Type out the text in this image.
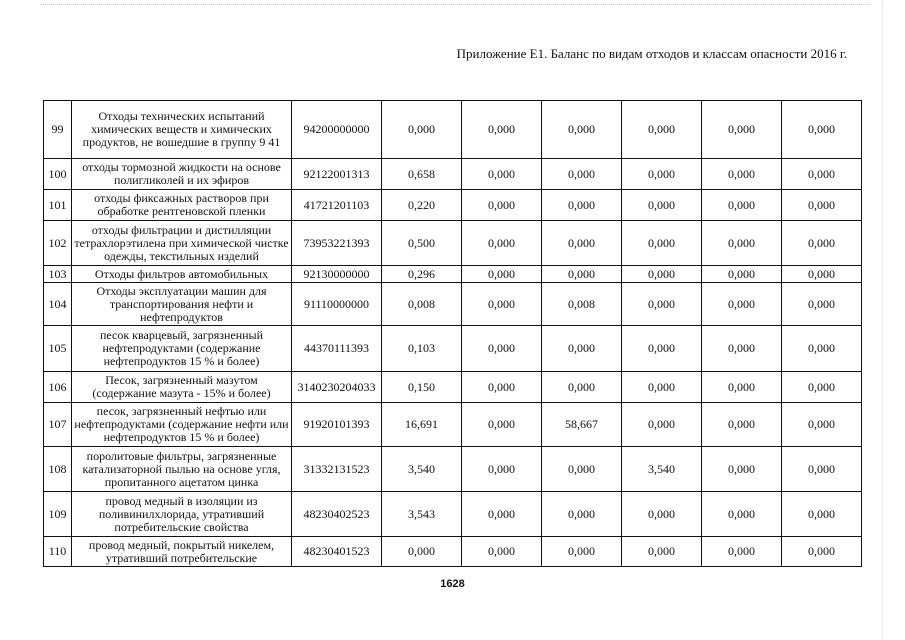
Приложение Е1. Баланс по видам отходов и классам опасности 2016 г.
99	Отходы технических испытаний химических веществ и химических продуктов, не вошедшие в группу 9 41	94200000000	0,000	0,000	0,000	0,000	0,000	0,000
100	отходы тормозной жидкости на основе полигликолей и их эфиров	92122001313	0,658	0,000	0,000	0,000	0,000	0,000
101	отходы фиксажных растворов при обработке рентгеновской пленки	41721201103	0,220	0,000	0,000	0,000	0,000	0,000
102	отходы фильтрации и дистилляции тетрахлорэтилена при химической чистке одежды, текстильных изделий	73953221393	0,500	0,000	0,000	0,000	0,000	0,000
103	Отходы фильтров автомобильных	92130000000	0,296	0,000	0,000	0,000	0,000	0,000
104	Отходы эксплуатации машин для транспортирования нефти и нефтепродуктов	91110000000	0,008	0,000	0,008	0,000	0,000	0,000
105	песок кварцевый, загрязненный нефтепродуктами (содержание нефтепродуктов 15 % и более)	44370111393	0,103	0,000	0,000	0,000	0,000	0,000
106	Песок, загрязненный мазутом (содержание мазута - 15% и более)	3140230204033	0,150	0,000	0,000	0,000	0,000	0,000
107	песок, загрязненный нефтью или нефтепродуктами (содержание нефти или нефтепродуктов 15 % и более)	91920101393	16,691	0,000	58,667	0,000	0,000	0,000
108	поролитовые фильтры, загрязненные катализаторной пылью на основе угля, пропитанного ацетатом цинка	31332131523	3,540	0,000	0,000	3,540	0,000	0,000
109	провод медный в изоляции из поливинилхлорида, утративший потребительские свойства	48230402523	3,543	0,000	0,000	0,000	0,000	0,000
110	провод медный, покрытый никелем, утративший потребительские	48230401523	0,000	0,000	0,000	0,000	0,000	0,000
1628
